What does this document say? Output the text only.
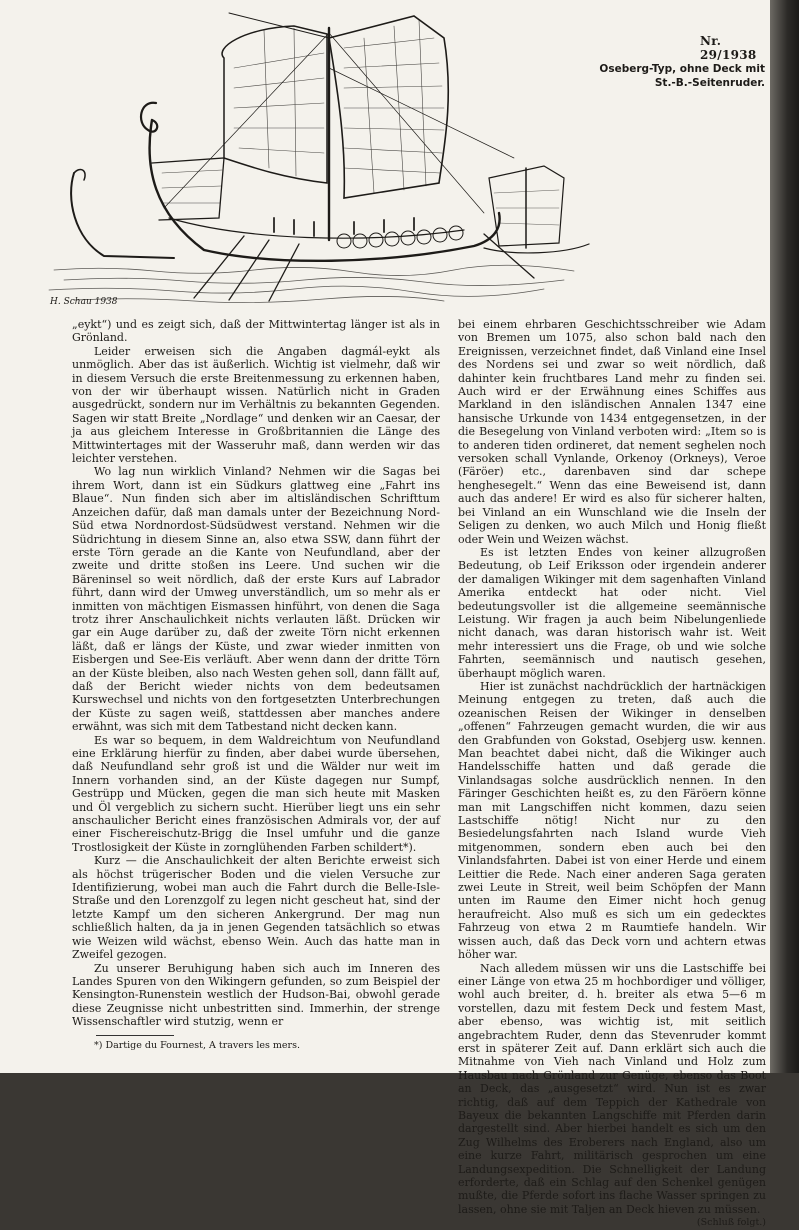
H. Schau 1938
Nr. 29/1938
Oseberg-Typ, ohne Deck mit St.-B.-Seitenruder.

„eykt“) und es zeigt sich, daß der Mittwintertag länger ist als in Grönland.

Leider erweisen sich die Angaben dagmál-eykt als unmöglich. Aber das ist äußerlich. Wichtig ist vielmehr, daß wir in diesem Versuch die erste Breitenmessung zu erkennen haben, von der wir überhaupt wissen. Natürlich nicht in Graden ausgedrückt, sondern nur im Verhältnis zu bekannten Gegenden. Sagen wir statt Breite „Nordlage“ und denken wir an Caesar, der ja aus gleichem Interesse in Großbritannien die Länge des Mittwintertages mit der Wasseruhr maß, dann werden wir das leichter verstehen.

Wo lag nun wirklich Vinland? Nehmen wir die Sagas bei ihrem Wort, dann ist ein Südkurs glattweg eine „Fahrt ins Blaue“. Nun finden sich aber im altisländischen Schrifttum Anzeichen dafür, daß man damals unter der Bezeichnung Nord-Süd etwa Nordnordost-Südsüdwest verstand. Nehmen wir die Südrichtung in diesem Sinne an, also etwa SSW, dann führt der erste Törn gerade an die Kante von Neufundland, aber der zweite und dritte stoßen ins Leere. Und suchen wir die Bäreninsel so weit nördlich, daß der erste Kurs auf Labrador führt, dann wird der Umweg unverständlich, um so mehr als er inmitten von mächtigen Eismassen hinführt, von denen die Saga trotz ihrer Anschaulichkeit nichts verlauten läßt. Drücken wir gar ein Auge darüber zu, daß der zweite Törn nicht erkennen läßt, daß er längs der Küste, und zwar wieder inmitten von Eisbergen und See-Eis verläuft. Aber wenn dann der dritte Törn an der Küste bleiben, also nach Westen gehen soll, dann fällt auf, daß der Bericht wieder nichts von dem bedeutsamen Kurswechsel und nichts von den fortgesetzten Unterbrechungen der Küste zu sagen weiß, stattdessen aber manches andere erwähnt, was sich mit dem Tatbestand nicht decken kann.

Es war so bequem, in dem Waldreichtum von Neufundland eine Erklärung hierfür zu finden, aber dabei wurde übersehen, daß Neufundland sehr groß ist und die Wälder nur weit im Innern vorhanden sind, an der Küste dagegen nur Sumpf, Gestrüpp und Mücken, gegen die man sich heute mit Masken und Öl vergeblich zu sichern sucht. Hierüber liegt uns ein sehr anschaulicher Bericht eines französischen Admirals vor, der auf einer Fischereischutz-Brigg die Insel umfuhr und die ganze Trostlosigkeit der Küste in zornglühenden Farben schildert*).

Kurz — die Anschaulichkeit der alten Berichte erweist sich als höchst trügerischer Boden und die vielen Versuche zur Identifizierung, wobei man auch die Fahrt durch die Belle-Isle-Straße und den Lorenzgolf zu legen nicht gescheut hat, sind der letzte Kampf um den sicheren Ankergrund. Der mag nun schließlich halten, da ja in jenen Gegenden tatsächlich so etwas wie Weizen wild wächst, ebenso Wein. Auch das hatte man in Zweifel gezogen.

Zu unserer Beruhigung haben sich auch im Inneren des Landes Spuren von den Wikingern gefunden, so zum Beispiel der Kensington-Runenstein westlich der Hudson-Bai, obwohl gerade diese Zeugnisse nicht unbestritten sind. Immerhin, der strenge Wissenschaftler wird stutzig, wenn er

*) Dartige du Fournest, A travers les mers.

bei einem ehrbaren Geschichtsschreiber wie Adam von Bremen um 1075, also schon bald nach den Ereignissen, verzeichnet findet, daß Vinland eine Insel des Nordens sei und zwar so weit nördlich, daß dahinter kein fruchtbares Land mehr zu finden sei. Auch wird er der Erwähnung eines Schiffes aus Markland in den isländischen Annalen 1347 eine hansische Urkunde von 1434 entgegensetzen, in der die Besegelung von Vinland verboten wird: „Item so is to anderen tiden ordineret, dat nement seghelen noch versoken schall Vynlande, Orkenoy (Orkneys), Veroe (Färöer) etc., darenbaven sind dar schepe henghesegelt.“ Wenn das eine Beweisend ist, dann auch das andere! Er wird es also für sicherer halten, bei Vinland an ein Wunschland wie die Inseln der Seligen zu denken, wo auch Milch und Honig fließt oder Wein und Weizen wächst.

Es ist letzten Endes von keiner allzugroßen Bedeutung, ob Leif Eriksson oder irgendein anderer der damaligen Wikinger mit dem sagenhaften Vinland Amerika entdeckt hat oder nicht. Viel bedeutungsvoller ist die allgemeine seemännische Leistung. Wir fragen ja auch beim Nibelungenliede nicht danach, was daran historisch wahr ist. Weit mehr interessiert uns die Frage, ob und wie solche Fahrten, seemännisch und nautisch gesehen, überhaupt möglich waren.

Hier ist zunächst nachdrücklich der hartnäckigen Meinung entgegen zu treten, daß auch die ozeanischen Reisen der Wikinger in denselben „offenen“ Fahrzeugen gemacht wurden, die wir aus den Grabfunden von Gokstad, Osebjerg usw. kennen. Man beachtet dabei nicht, daß die Wikinger auch Handelsschiffe hatten und daß gerade die Vinlandsagas solche ausdrücklich nennen. In den Färinger Geschichten heißt es, zu den Färöern könne man mit Langschiffen nicht kommen, dazu seien Lastschiffe nötig! Nicht nur zu den Besiedelungsfahrten nach Island wurde Vieh mitgenommen, sondern eben auch bei den Vinlandsfahrten. Dabei ist von einer Herde und einem Leittier die Rede. Nach einer anderen Saga geraten zwei Leute in Streit, weil beim Schöpfen der Mann unten im Raume den Eimer nicht hoch genug heraufreicht. Also muß es sich um ein gedecktes Fahrzeug von etwa 2 m Raumtiefe handeln. Wir wissen auch, daß das Deck vorn und achtern etwas höher war.

Nach alledem müssen wir uns die Lastschiffe bei einer Länge von etwa 25 m hochbordiger und völliger, wohl auch breiter, d. h. breiter als etwa 5—6 m vorstellen, dazu mit festem Deck und festem Mast, aber ebenso, was wichtig ist, mit seitlich angebrachtem Ruder, denn das Stevenruder kommt erst in späterer Zeit auf. Dann erklärt sich auch die Mitnahme von Vieh nach Vinland und Holz zum Hausbau nach Grönland zur Genüge, ebenso das Boot an Deck, das „ausgesetzt“ wird. Nun ist es zwar richtig, daß auf dem Teppich der Kathedrale von Bayeux die bekannten Langschiffe mit Pferden darin dargestellt sind. Aber hierbei handelt es sich um den Zug Wilhelms des Eroberers nach England, also um eine kurze Fahrt, militärisch gesprochen um eine Landungsexpedition. Die Schnelligkeit der Landung erforderte, daß ein Schlag auf den Schenkel genügen mußte, die Pferde sofort ins flache Wasser springen zu lassen, ohne sie mit Taljen an Deck hieven zu müssen.

(Schluß folgt.)
